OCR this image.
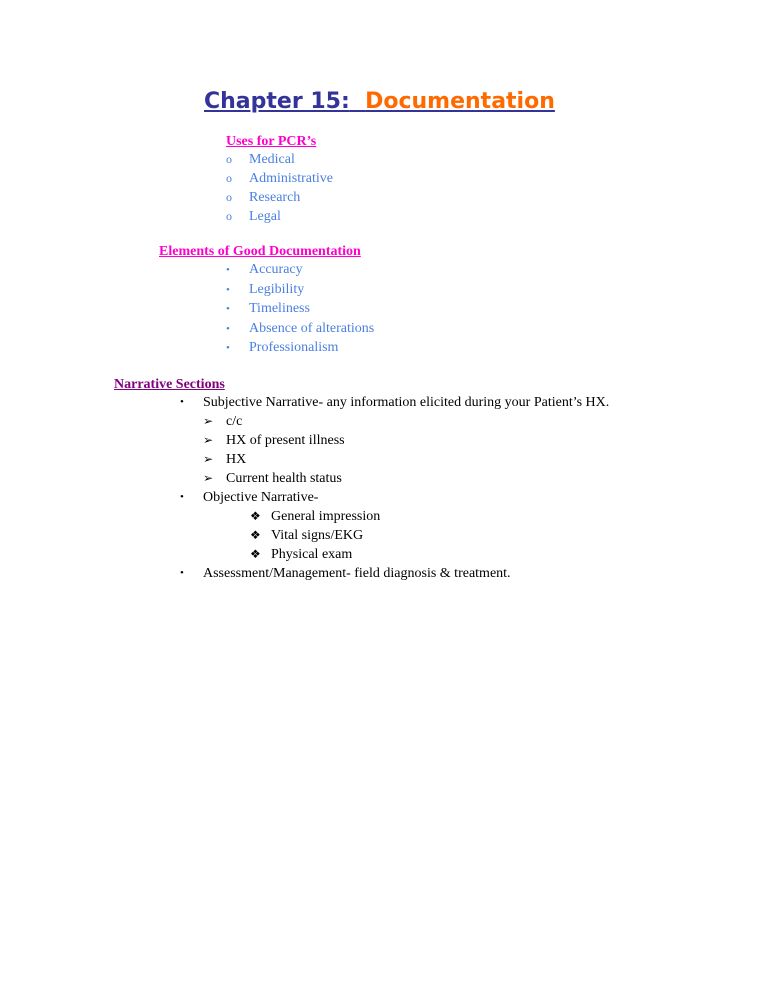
Chapter 15: Documentation
Uses for PCR’s
o Medical
o Administrative
o Research
o Legal
Elements of Good Documentation
• Accuracy
• Legibility
• Timeliness
• Absence of alterations
• Professionalism
Narrative Sections
• Subjective Narrative- any information elicited during your Patient’s HX.
➢ c/c
➢ HX of present illness
➢ HX
➢ Current health status
• Objective Narrative-
❖ General impression
❖ Vital signs/EKG
❖ Physical exam
• Assessment/Management- field diagnosis & treatment.
